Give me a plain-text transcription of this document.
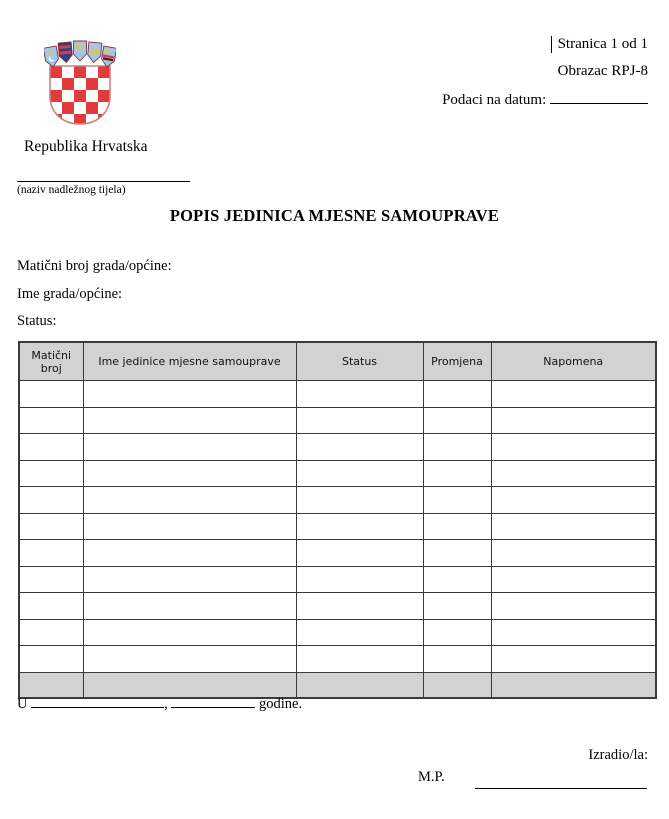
Stranica 1 od 1
Obrazac RPJ-8
Podaci na datum:
Republika Hrvatska
(naziv nadležnog tijela)
POPIS JEDINICA MJESNE SAMOUPRAVE
Matični broj grada/općine:
Ime grada/općine:
Status:
Matični broj	Ime jedinice mjesne samouprave	Status	Promjena	Napomena

U	,	godine.
Izradio/la:
M.P.
